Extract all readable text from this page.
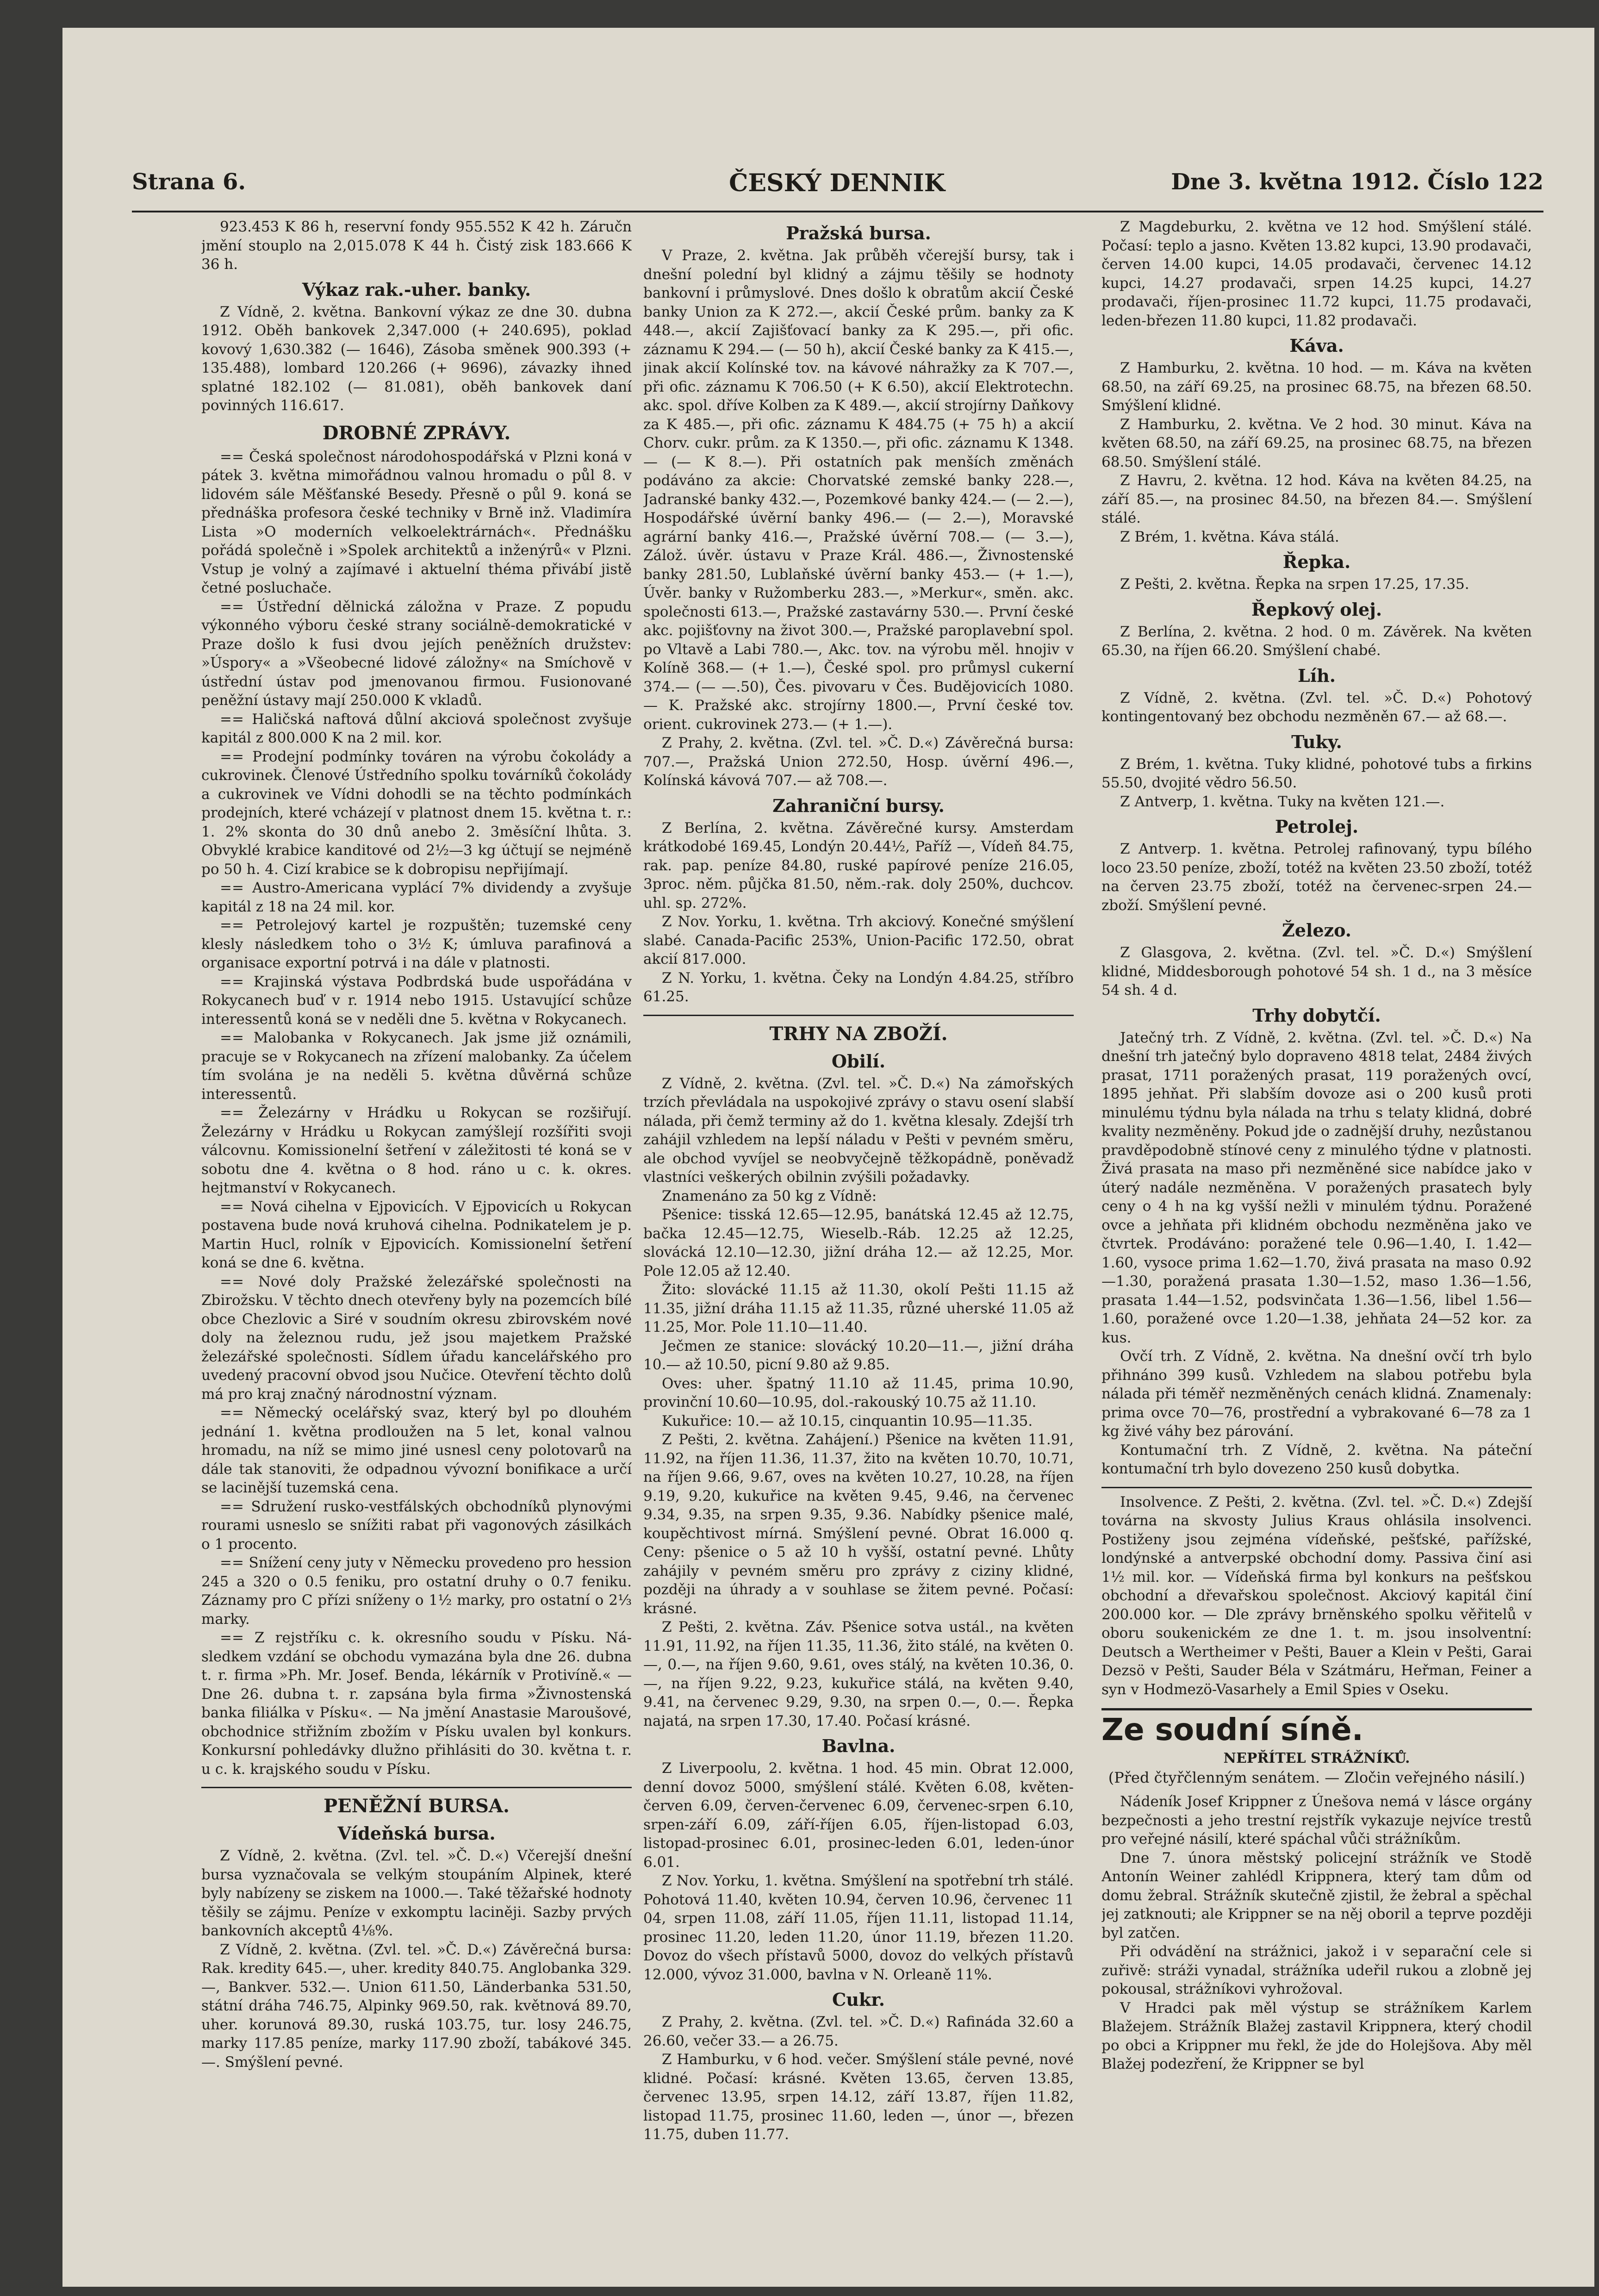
Strana 6.	ČESKÝ DENNIK	Dne 3. května 1912. Číslo 122

923.453 K 86 h, reservní fondy 955.552 K 42 h. Záručn jmění stouplo na 2,015.078 K 44 h. Čistý zisk 183.666 K 36 h.

Výkaz rak.-uher. banky.

Z Vídně, 2. května. Bankovní výkaz ze dne 30. dubna 1912. Oběh bankovek 2,347.000 (+ 240.695), poklad kovový 1,630.382 (— 1646), Zásoba směnek 900.393 (+ 135.488), lombard 120.266 (+ 9696), závazky ihned splatné 182.102 (— 81.081), oběh bankovek daní povinných 116.617.

DROBNÉ ZPRÁVY.

== Česká společnost národohospodářská v Plzni koná v pátek 3. května mimořádnou valnou hromadu o půl 8. v lidovém sále Měšťanské Besedy. Přesně o půl 9. koná se přednáška profesora české techniky v Brně inž. Vladimíra Lista »O moderních velkoelektrárnách«. Přednášku pořádá společně i »Spolek architektů a inženýrů« v Plzni. Vstup je volný a zajímavé i aktuelní théma přivábí jistě četné posluchače.

== Ústřední dělnická záložna v Praze. Z popudu výkonného výboru české strany sociálně-demokratické v Praze došlo k fusi dvou jejích peněžních družstev: »Úspory« a »Všeobecné lidové záložny« na Smíchově v ústřední ústav pod jmenovanou firmou. Fusionované peněžní ústavy mají 250.000 K vkladů.

== Haličská naftová důlní akciová společnost zvyšuje kapitál z 800.000 K na 2 mil. kor.

== Prodejní podmínky továren na výrobu čokolády a cukrovinek. Členové Ústředního spolku továrníků čokolády a cukrovinek ve Vídni dohodli se na těchto podmínkách prodejních, které vcházejí v platnost dnem 15. května t. r.: 1. 2% skonta do 30 dnů anebo 2. 3měsíční lhůta. 3. Obvyklé krabice kanditové od 2½—3 kg účtují se nejméně po 50 h. 4. Cizí krabice se k dobropisu nepřijímají.

== Austro-Americana vyplácí 7% dividendy a zvyšuje kapitál z 18 na 24 mil. kor.

== Petrolejový kartel je rozpuštěn; tuzemské ceny klesly následkem toho o 3½ K; úmluva parafinová a organisace exportní potrvá i na dále v platnosti.

== Krajinská výstava Podbrdská bude uspořádána v Rokycanech buď v r. 1914 nebo 1915. Ustavující schůze interessentů koná se v neděli dne 5. května v Rokycanech.

== Malobanka v Rokycanech. Jak jsme již oznámili, pracuje se v Rokycanech na zřízení malobanky. Za účelem tím svolána je na neděli 5. května důvěrná schůze interessentů.

== Železárny v Hrádku u Rokycan se rozšiřují. Železárny v Hrádku u Rokycan zamýšlejí rozšířiti svoji válcovnu. Komissionelní šetření v záležitosti té koná se v sobotu dne 4. května o 8 hod. ráno u c. k. okres. hejtmanství v Rokycanech.

== Nová cihelna v Ejpovicích. V Ejpovicích u Rokycan postavena bude nová kruhová cihelna. Podnikatelem je p. Martin Hucl, rolník v Ejpovicích. Komissionelní šetření koná se dne 6. května.

== Nové doly Pražské železářské společnosti na Zbirožsku. V těchto dnech otevřeny byly na pozemcích bílé obce Chezlovic a Siré v soudním okresu zbirovském nové doly na železnou rudu, jež jsou majetkem Pražské železářské společnosti. Sídlem úřadu kancelářského pro uvedený pracovní obvod jsou Nučice. Otevření těchto dolů má pro kraj značný národnostní význam.

== Německý ocelářský svaz, který byl po dlouhém jednání 1. května prodloužen na 5 let, konal valnou hromadu, na níž se mimo jiné usnesl ceny polotovarů na dále tak stanoviti, že odpadnou vývozní bonifikace a určí se lacinější tuzemská cena.

== Sdružení rusko-vestfálských obchodníků plynovými rourami usneslo se snížiti rabat při vagonových zásilkách o 1 procento.

== Snížení ceny juty v Německu provedeno pro hession 245 a 320 o 0.5 feniku, pro ostatní druhy o 0.7 feniku. Záznamy pro C přízi sníženy o 1½ marky, pro ostatní o 2⅓ marky.

== Z rejstříku c. k. okresního soudu v Písku. Následkem vzdání se obchodu vymazána byla dne 26. dubna t. r. firma »Ph. Mr. Josef. Benda, lékárník v Protivíně.« — Dne 26. dubna t. r. zapsána byla firma »Živnostenská banka filiálka v Písku«. — Na jmění Anastasie Maroušové, obchodnice střižním zbožím v Písku uvalen byl konkurs. Konkursní pohledávky dlužno přihlásiti do 30. května t. r. u c. k. krajského soudu v Písku.

PENĚŽNÍ BURSA.
Vídeňská bursa.

Z Vídně, 2. května. (Zvl. tel. »Č. D.«) Včerejší dnešní bursa vyznačovala se velkým stoupáním Alpinek, které byly nabízeny se ziskem na 1000.—. Také těžařské hodnoty těšily se zájmu. Peníze v exkomptu laciněji. Sazby prvých bankovních akceptů 4⅛%.

Z Vídně, 2. května. (Zvl. tel. »Č. D.«) Závěrečná bursa: Rak. kredity 645.—, uher. kredity 840.75. Anglobanka 329.—, Bankver. 532.—. Union 611.50, Länderbanka 531.50, státní dráha 746.75, Alpinky 969.50, rak. květnová 89.70, uher. korunová 89.30, ruská 103.75, tur. losy 246.75, marky 117.85 peníze, marky 117.90 zboží, tabákové 345.—. Smýšlení pevné.

Pražská bursa.

V Praze, 2. května. Jak průběh včerejší bursy, tak i dnešní polední byl klidný a zájmu těšily se hodnoty bankovní i průmyslové. Dnes došlo k obratům akcií České banky Union za K 272.—, akcií České prům. banky za K 448.—, akcií Zajišťovací banky za K 295.—, při ofic. záznamu K 294.— (— 50 h), akcií České banky za K 415.—, jinak akcií Kolínské tov. na kávové náhražky za K 707.—, při ofic. záznamu K 706.50 (+ K 6.50), akcií Elektrotechn. akc. spol. dříve Kolben za K 489.—, akcií strojírny Daňkovy za K 485.—, při ofic. záznamu K 484.75 (+ 75 h) a akcií Chorv. cukr. prům. za K 1350.—, při ofic. záznamu K 1348.— (— K 8.—). Při ostatních pak menších změnách podáváno za akcie: Chorvatské zemské banky 228.—, Jadranské banky 432.—, Pozemkové banky 424.— (— 2.—), Hospodářské úvěrní banky 496.— (— 2.—), Moravské agrární banky 416.—, Pražské úvěrní 708.— (— 3.—), Zálož. úvěr. ústavu v Praze Král. 486.—, Živnostenské banky 281.50, Lublaňské úvěrní banky 453.— (+ 1.—), Úvěr. banky v Ružomberku 283.—, »Merkur«, směn. akc. společnosti 613.—, Pražské zastavárny 530.—. První české akc. pojišťovny na život 300.—, Pražské paroplavební spol. po Vltavě a Labi 780.—, Akc. tov. na výrobu měl. hnojiv v Kolíně 368.— (+ 1.—), České spol. pro průmysl cukerní 374.— (— —.50), Čes. pivovaru v Čes. Budějovicích 1080.— K. Pražské akc. strojírny 1800.—, První české tov. orient. cukrovinek 273.— (+ 1.—).

Z Prahy, 2. května. (Zvl. tel. »Č. D.«) Závěrečná bursa: 707.—, Pražská Union 272.50, Hosp. úvěrní 496.—, Kolínská kávová 707.— až 708.—.

Zahraniční bursy.

Z Berlína, 2. května. Závěrečné kursy. Amsterdam krátkodobé 169.45, Londýn 20.44½, Paříž —, Vídeň 84.75, rak. pap. peníze 84.80, ruské papírové peníze 216.05, 3proc. něm. půjčka 81.50, něm.-rak. doly 250%, duchcov. uhl. sp. 272%.

Z Nov. Yorku, 1. května. Trh akciový. Konečné smýšlení slabé. Canada-Pacific 253%, Union-Pacific 172.50, obrat akcií 817.000.

Z N. Yorku, 1. května. Čeky na Londýn 4.84.25, stříbro 61.25.

TRHY NA ZBOŽÍ.
Obilí.

Z Vídně, 2. května. (Zvl. tel. »Č. D.«) Na zámořských trzích převládala na uspokojivé zprávy o stavu osení slabší nálada, při čemž terminy až do 1. května klesaly. Zdejší trh zahájil vzhledem na lepší náladu v Pešti v pevném směru, ale obchod vyvíjel se neobvyčejně těžkopádně, poněvadž vlastníci veškerých obilnin zvýšili požadavky.

Znamenáno za 50 kg z Vídně:

Pšenice: tisská 12.65—12.95, banátská 12.45 až 12.75, bačka 12.45—12.75, Wieselb.-Ráb. 12.25 až 12.25, slovácká 12.10—12.30, jižní dráha 12.— až 12.25, Mor. Pole 12.05 až 12.40.

Žito: slovácké 11.15 až 11.30, okolí Pešti 11.15 až 11.35, jižní dráha 11.15 až 11.35, různé uherské 11.05 až 11.25, Mor. Pole 11.10—11.40.

Ječmen ze stanice: slovácký 10.20—11.—, jižní dráha 10.— až 10.50, picní 9.80 až 9.85.

Oves: uher. špatný 11.10 až 11.45, prima 10.90, provinční 10.60—10.95, dol.-rakouský 10.75 až 11.10.

Kukuřice: 10.— až 10.15, cinquantin 10.95—11.35.

Z Pešti, 2. května. Zahájení.) Pšenice na květen 11.91, 11.92, na říjen 11.36, 11.37, žito na květen 10.70, 10.71, na říjen 9.66, 9.67, oves na květen 10.27, 10.28, na říjen 9.19, 9.20, kukuřice na květen 9.45, 9.46, na červenec 9.34, 9.35, na srpen 9.35, 9.36. Nabídky pšenice malé, koupěchtivost mírná. Smýšlení pevné. Obrat 16.000 q. Ceny: pšenice o 5 až 10 h vyšší, ostatní pevné. Lhůty zahájily v pevném směru pro zprávy z ciziny klidné, později na úhrady a v souhlase se žitem pevné. Počasí: krásné.

Z Pešti, 2. května. Záv. Pšenice sotva ustál., na květen 11.91, 11.92, na říjen 11.35, 11.36, žito stálé, na květen 0.—, 0.—, na říjen 9.60, 9.61, oves stálý, na květen 10.36, 0.—, na říjen 9.22, 9.23, kukuřice stálá, na květen 9.40, 9.41, na červenec 9.29, 9.30, na srpen 0.—, 0.—. Řepka najatá, na srpen 17.30, 17.40. Počasí krásné.

Bavlna.

Z Liverpoolu, 2. května. 1 hod. 45 min. Obrat 12.000, denní dovoz 5000, smýšlení stálé. Květen 6.08, květen-červen 6.09, červen-červenec 6.09, červenec-srpen 6.10, srpen-září 6.09, září-říjen 6.05, říjen-listopad 6.03, listopad-prosinec 6.01, prosinec-leden 6.01, leden-únor 6.01.

Z Nov. Yorku, 1. května. Smýšlení na spotřební trh stálé. Pohotová 11.40, květen 10.94, červen 10.96, červenec 11 04, srpen 11.08, září 11.05, říjen 11.11, listopad 11.14, prosinec 11.20, leden 11.20, únor 11.19, březen 11.20. Dovoz do všech přístavů 5000, dovoz do velkých přístavů 12.000, vývoz 31.000, bavlna v N. Orleaně 11%.

Cukr.

Z Prahy, 2. května. (Zvl. tel. »Č. D.«) Rafináda 32.60 a 26.60, večer 33.— a 26.75.

Z Hamburku, v 6 hod. večer. Smýšlení stále pevné, nové klidné. Počasí: krásné. Květen 13.65, červen 13.85, červenec 13.95, srpen 14.12, září 13.87, říjen 11.82, listopad 11.75, prosinec 11.60, leden —, únor —, březen 11.75, duben 11.77.

Z Magdeburku, 2. května ve 12 hod. Smýšlení stálé. Počasí: teplo a jasno. Květen 13.82 kupci, 13.90 prodavači, červen 14.00 kupci, 14.05 prodavači, červenec 14.12 kupci, 14.27 prodavači, srpen 14.25 kupci, 14.27 prodavači, říjen-prosinec 11.72 kupci, 11.75 prodavači, leden-březen 11.80 kupci, 11.82 prodavači.

Káva.

Z Hamburku, 2. května. 10 hod. — m. Káva na květen 68.50, na září 69.25, na prosinec 68.75, na březen 68.50. Smýšlení klidné.

Z Hamburku, 2. května. Ve 2 hod. 30 minut. Káva na květen 68.50, na září 69.25, na prosinec 68.75, na březen 68.50. Smýšlení stálé.

Z Havru, 2. května. 12 hod. Káva na květen 84.25, na září 85.—, na prosinec 84.50, na březen 84.—. Smýšlení stálé.

Z Brém, 1. května. Káva stálá.

Řepka.

Z Pešti, 2. května. Řepka na srpen 17.25, 17.35.

Řepkový olej.

Z Berlína, 2. května. 2 hod. 0 m. Závěrek. Na květen 65.30, na říjen 66.20. Smýšlení chabé.

Líh.

Z Vídně, 2. května. (Zvl. tel. »Č. D.«) Pohotový kontingentovaný bez obchodu nezměněn 67.— až 68.—.

Tuky.

Z Brém, 1. května. Tuky klidné, pohotové tubs a firkins 55.50, dvojité vědro 56.50.

Z Antverp, 1. května. Tuky na květen 121.—.

Petrolej.

Z Antverp. 1. května. Petrolej rafinovaný, typu bílého loco 23.50 peníze, zboží, totéž na květen 23.50 zboží, totéž na červen 23.75 zboží, totéž na červenec-srpen 24.— zboží. Smýšlení pevné.

Železo.

Z Glasgova, 2. května. (Zvl. tel. »Č. D.«) Smýšlení klidné, Middesborough pohotové 54 sh. 1 d., na 3 měsíce 54 sh. 4 d.

Trhy dobytčí.

Jatečný trh. Z Vídně, 2. května. (Zvl. tel. »Č. D.«) Na dnešní trh jatečný bylo dopraveno 4818 telat, 2484 živých prasat, 1711 poražených prasat, 119 poražených ovcí, 1895 jehňat. Při slabším dovoze asi o 200 kusů proti minulému týdnu byla nálada na trhu s telaty klidná, dobré kvality nezměněny. Pokud jde o zadnější druhy, nezůstanou pravděpodobně stínové ceny z minulého týdne v platnosti. Živá prasata na maso při nezměněné sice nabídce jako v úterý nadále nezměněna. V poražených prasatech byly ceny o 4 h na kg vyšší nežli v minulém týdnu. Poražené ovce a jehňata při klidném obchodu nezměněna jako ve čtvrtek. Prodáváno: poražené tele 0.96—1.40, I. 1.42—1.60, vysoce prima 1.62—1.70, živá prasata na maso 0.92—1.30, poražená prasata 1.30—1.52, maso 1.36—1.56, prasata 1.44—1.52, podsvinčata 1.36—1.56, libel 1.56—1.60, poražené ovce 1.20—1.38, jehňata 24—52 kor. za kus.

Ovčí trh. Z Vídně, 2. května. Na dnešní ovčí trh bylo přihnáno 399 kusů. Vzhledem na slabou potřebu byla nálada při téměř nezměněných cenách klidná. Znamenaly: prima ovce 70—76, prostřední a vybrakované 6—78 za 1 kg živé váhy bez párování.

Kontumační trh. Z Vídně, 2. května. Na páteční kontumační trh bylo dovezeno 250 kusů dobytka.

Insolvence. Z Pešti, 2. května. (Zvl. tel. »Č. D.«) Zdejší továrna na skvosty Julius Kraus ohlásila insolvenci. Postiženy jsou zejména vídeňské, pešťské, pařížské, londýnské a antverpské obchodní domy. Passiva činí asi 1½ mil. kor. — Vídeňská firma byl konkurs na pešťskou obchodní a dřevařskou společnost. Akciový kapitál činí 200.000 kor. — Dle zprávy brněnského spolku věřitelů v oboru soukenickém ze dne 1. t. m. jsou insolventní: Deutsch a Wertheimer v Pešti, Bauer a Klein v Pešti, Garai Dezsö v Pešti, Sauder Béla v Szátmáru, Heřman, Feiner a syn v Hodmezö-Vasarhely a Emil Spies v Oseku.

Ze soudní síně.
NEPŘÍTEL STRÁŽNÍKŮ.
(Před čtyřčlenným senátem. — Zločin veřejného násilí.)

Nádeník Josef Krippner z Únešova nemá v lásce orgány bezpečnosti a jeho trestní rejstřík vykazuje nejvíce trestů pro veřejné násilí, které spáchal vůči strážníkům.

Dne 7. února městský policejní strážník ve Stodě Antonín Weiner zahlédl Krippnera, který tam dům od domu žebral. Strážník skutečně zjistil, že žebral a spěchal jej zatknouti; ale Krippner se na něj oboril a teprve později byl zatčen.

Při odvádění na strážnici, jakož i v separační cele si zuřivě: stráži vynadal, strážníka udeřil rukou a zlobně jej pokousal, strážníkovi vyhrožoval.

V Hradci pak měl výstup se strážníkem Karlem Blažejem. Strážník Blažej zastavil Krippnera, který chodil po obci a Krippner mu řekl, že jde do Holejšova. Aby měl Blažej podezření, že Krippner se byl
